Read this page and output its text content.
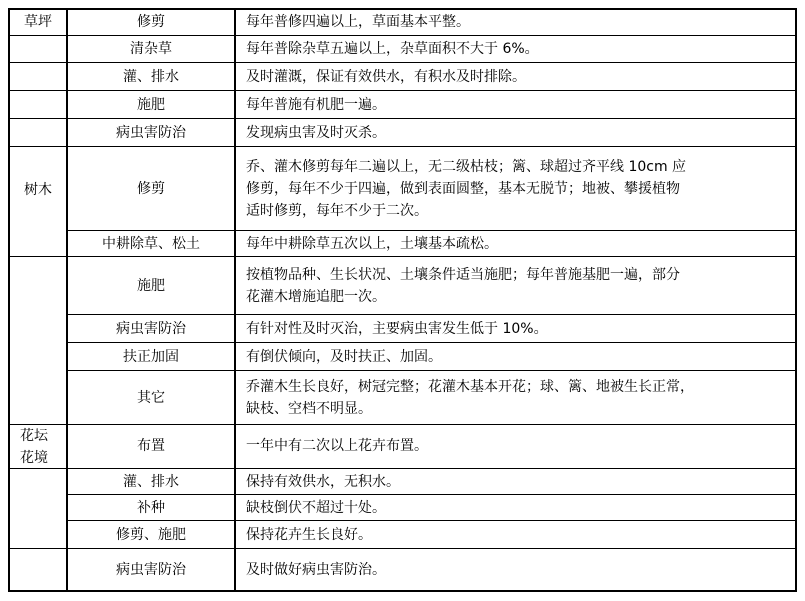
草坪
树木
花坛
花境
修剪
清杂草
灌、排水
施肥
病虫害防治
修剪
中耕除草、松土
施肥
病虫害防治
扶正加固
其它
布置
灌、排水
补种
修剪、施肥
病虫害防治
每年普修四遍以上，草面基本平整。
每年普除杂草五遍以上，杂草面积不大于 6%。
及时灌溉，保证有效供水，有积水及时排除。
每年普施有机肥一遍。
发现病虫害及时灭杀。
乔、灌木修剪每年二遍以上，无二级枯枝；篱、球超过齐平线 10cm 应
修剪，每年不少于四遍，做到表面圆整，基本无脱节；地被、攀援植物
适时修剪，每年不少于二次。
每年中耕除草五次以上，土壤基本疏松。
按植物品种、生长状况、土壤条件适当施肥；每年普施基肥一遍，部分
花灌木增施追肥一次。
有针对性及时灭治，主要病虫害发生低于 10%。
有倒伏倾向，及时扶正、加固。
乔灌木生长良好，树冠完整；花灌木基本开花；球、篱、地被生长正常，
缺枝、空档不明显。
一年中有二次以上花卉布置。
保持有效供水，无积水。
缺枝倒伏不超过十处。
保持花卉生长良好。
及时做好病虫害防治。
